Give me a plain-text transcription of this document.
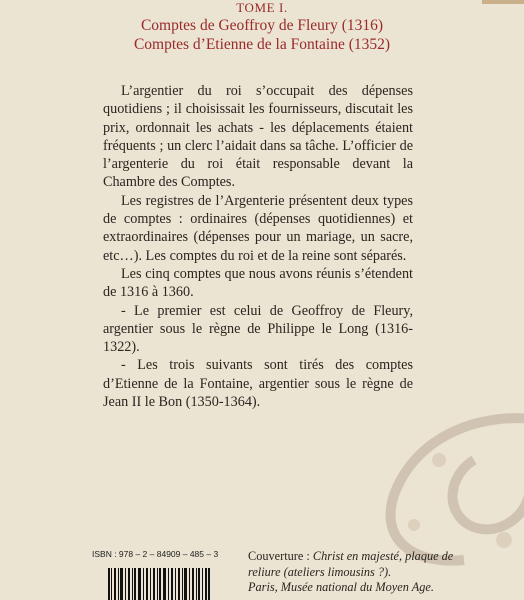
TOME I.
Comptes de Geoffroy de Fleury (1316)
Comptes d’Etienne de la Fontaine (1352)

L’argentier du roi s’occupait des dépenses quotidiens ; il choisissait les fournisseurs, discutait les prix, ordonnait les achats - les déplacements étaient fréquents ; un clerc l’aidait dans sa tâche. L’officier de l’argenterie du roi était responsable devant la Chambre des Comptes.

Les registres de l’Argenterie présentent deux types de comptes : ordinaires (dépenses quotidiennes) et extraordinaires (dépenses pour un mariage, un sacre, etc…). Les comptes du roi et de la reine sont séparés.

Les cinq comptes que nous avons réunis s’étendent de 1316 à 1360.

- Le premier est celui de Geoffroy de Fleury, argentier sous le règne de Philippe le Long (1316-1322).

- Les trois suivants sont tirés des comptes d’Etienne de la Fontaine, argentier sous le règne de Jean II le Bon (1350-1364).

ISBN : 978 – 2 – 84909 – 485 – 3 Couverture : Christ en majesté, plaque de reliure (ateliers limousins ?).
Paris, Musée national du Moyen Age.
